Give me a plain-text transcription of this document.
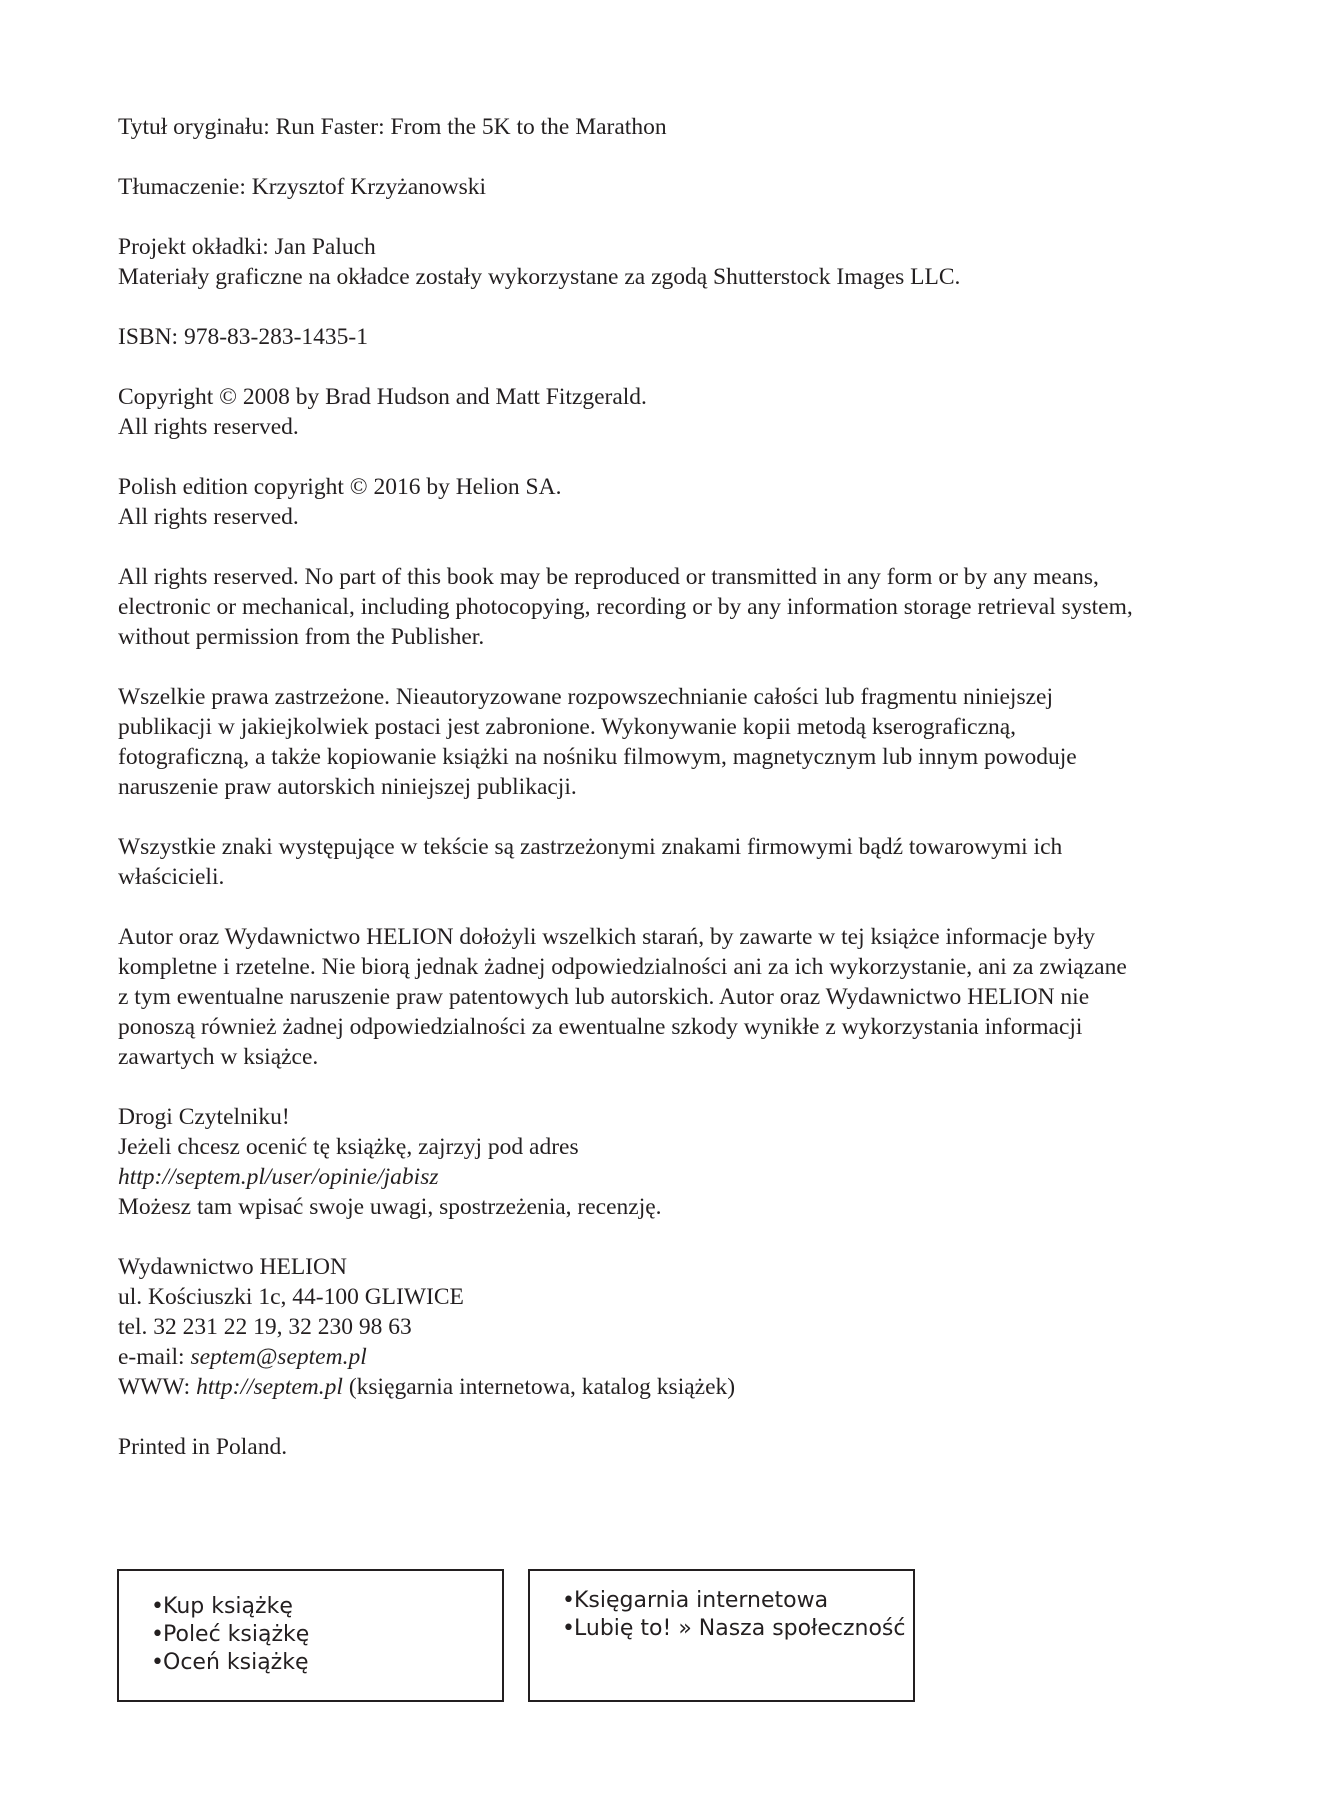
Tytuł oryginału: Run Faster: From the 5K to the Marathon
Tłumaczenie: Krzysztof Krzyżanowski
Projekt okładki: Jan Paluch
Materiały graficzne na okładce zostały wykorzystane za zgodą Shutterstock Images LLC.
ISBN: 978-83-283-1435-1
Copyright © 2008 by Brad Hudson and Matt Fitzgerald.
All rights reserved.
Polish edition copyright © 2016 by Helion SA.
All rights reserved.
All rights reserved. No part of this book may be reproduced or transmitted in any form or by any means,
electronic or mechanical, including photocopying, recording or by any information storage retrieval system,
without permission from the Publisher.
Wszelkie prawa zastrzeżone. Nieautoryzowane rozpowszechnianie całości lub fragmentu niniejszej
publikacji w jakiejkolwiek postaci jest zabronione. Wykonywanie kopii metodą kserograficzną,
fotograficzną, a także kopiowanie książki na nośniku filmowym, magnetycznym lub innym powoduje
naruszenie praw autorskich niniejszej publikacji.
Wszystkie znaki występujące w tekście są zastrzeżonymi znakami firmowymi bądź towarowymi ich
właścicieli.
Autor oraz Wydawnictwo HELION dołożyli wszelkich starań, by zawarte w tej książce informacje były
kompletne i rzetelne. Nie biorą jednak żadnej odpowiedzialności ani za ich wykorzystanie, ani za związane
z tym ewentualne naruszenie praw patentowych lub autorskich. Autor oraz Wydawnictwo HELION nie
ponoszą również żadnej odpowiedzialności za ewentualne szkody wynikłe z wykorzystania informacji
zawartych w książce.
Drogi Czytelniku!
Jeżeli chcesz ocenić tę książkę, zajrzyj pod adres
http://septem.pl/user/opinie/jabisz
Możesz tam wpisać swoje uwagi, spostrzeżenia, recenzję.
Wydawnictwo HELION
ul. Kościuszki 1c, 44-100 GLIWICE
tel. 32 231 22 19, 32 230 98 63
e-mail: septem@septem.pl
WWW: http://septem.pl (księgarnia internetowa, katalog książek)
Printed in Poland.
•Kup książkę
•Poleć książkę
•Oceń książkę
•Księgarnia internetowa
•Lubię to! » Nasza społeczność
